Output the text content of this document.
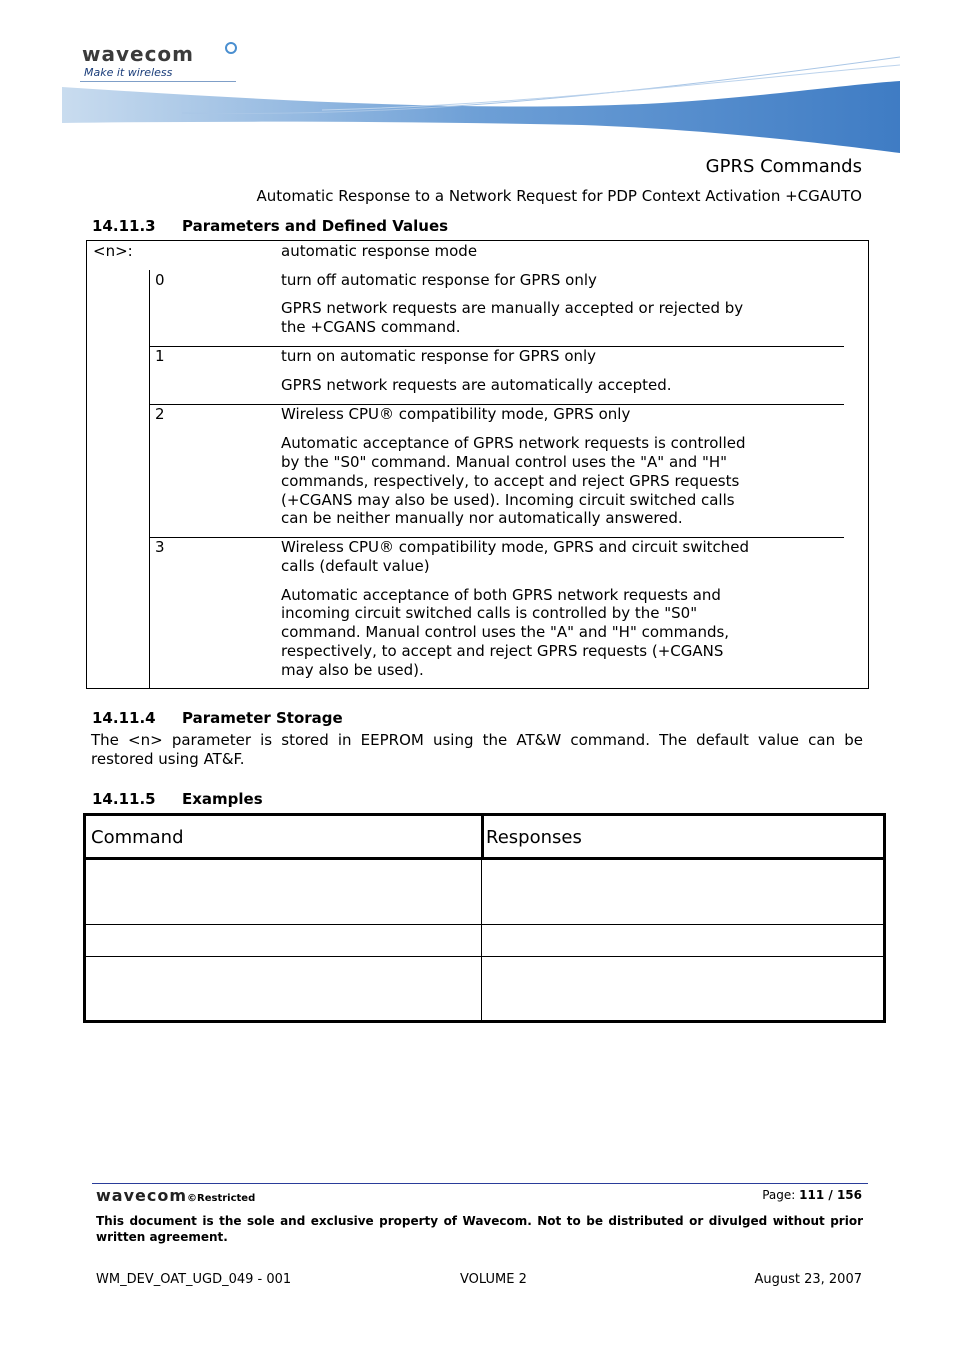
wavecom
Make it wireless
GPRS Commands
Automatic Response to a Network Request for PDP Context Activation +CGAUTO
14.11.3 Parameters and Defined Values
<n>:	automatic response mode
0	turn off automatic response for GPRS only
GPRS network requests are manually accepted or rejected by
the +CGANS command.
1	turn on automatic response for GPRS only
GPRS network requests are automatically accepted.
2	Wireless CPU® compatibility mode, GPRS only
Automatic acceptance of GPRS network requests is controlled
by the "S0" command. Manual control uses the "A" and "H"
commands, respectively, to accept and reject GPRS requests
(+CGANS may also be used). Incoming circuit switched calls
can be neither manually nor automatically answered.
3	Wireless CPU® compatibility mode, GPRS and circuit switched
calls (default value)
Automatic acceptance of both GPRS network requests and
incoming circuit switched calls is controlled by the "S0"
command. Manual control uses the "A" and "H" commands,
respectively, to accept and reject GPRS requests (+CGANS
may also be used).
14.11.4 Parameter Storage
The <n> parameter is stored in EEPROM using the AT&W command. The default value can be restored using AT&F.
14.11.5 Examples
Command	Responses
wavecom©Restricted	Page: 111 / 156
This document is the sole and exclusive property of Wavecom. Not to be distributed or divulged without prior written agreement.
WM_DEV_OAT_UGD_049 - 001	VOLUME 2	August 23, 2007
